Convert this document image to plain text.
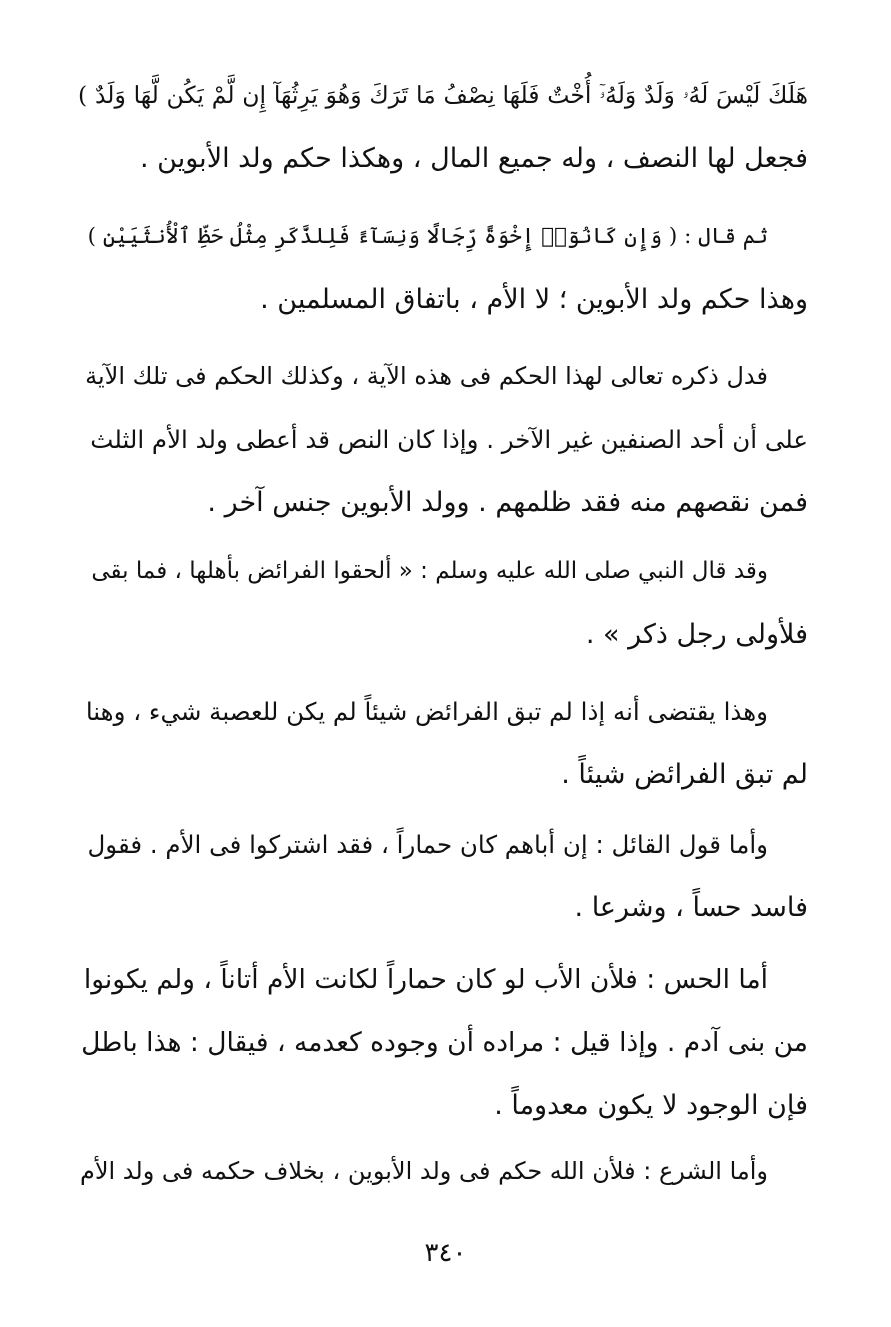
هَلَكَ لَيْسَ لَهُۥ وَلَدٌ وَلَهُۥٓ أُخْتٌ فَلَهَا نِصْفُ مَا تَرَكَ وَهُوَ يَرِثُهَآ إِن لَّمْ يَكُن لَّهَا وَلَدٌ )
فجعل لها النصف ، وله جميع المال ، وهكذا حكم ولد الأبوين .
ثم قال : ( وَإِن كَانُوٓا۟ إِخْوَةً رِّجَالًا وَنِسَآءً فَلِلذَّكَرِ مِثْلُ حَظِّ ٱلْأُنثَيَيْنِ )
وهذا حكم ولد الأبوين ؛ لا الأم ، باتفاق المسلمين .
فدل ذكره تعالى لهذا الحكم فى هذه الآية ، وكذلك الحكم فى تلك الآية
على أن أحد الصنفين غير الآخر . وإذا كان النص قد أعطى ولد الأم الثلث
فمن نقصهم منه فقد ظلمهم . وولد الأبوين جنس آخر .
وقد قال النبي صلى الله عليه وسلم : « ألحقوا الفرائض بأهلها ، فما بقى
فلأولى رجل ذكر » .
وهذا يقتضى أنه إذا لم تبق الفرائض شيئاً لم يكن للعصبة شيء ، وهنا
لم تبق الفرائض شيئاً .
وأما قول القائل : إن أباهم كان حماراً ، فقد اشتركوا فى الأم . فقول
فاسد حساً ، وشرعا .
أما الحس : فلأن الأب لو كان حماراً لكانت الأم أتاناً ، ولم يكونوا
من بنى آدم . وإذا قيل : مراده أن وجوده كعدمه ، فيقال : هذا باطل
فإن الوجود لا يكون معدوماً .
وأما الشرع : فلأن الله حكم فى ولد الأبوين ، بخلاف حكمه فى ولد الأم
٣٤٠
